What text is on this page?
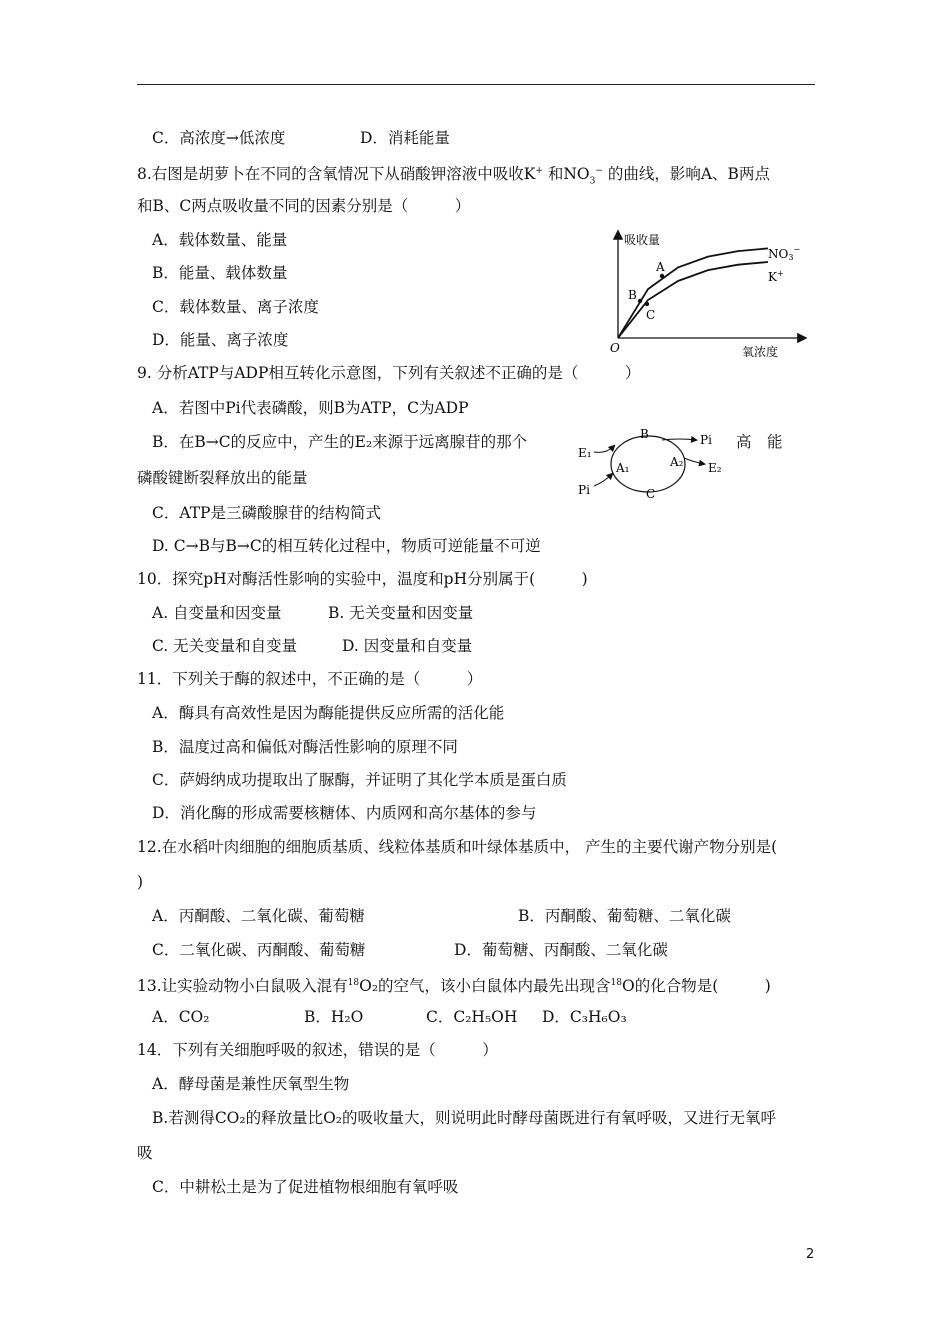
C．高浓度→低浓度	D．消耗能量
8.右图是胡萝卜在不同的含氧情况下从硝酸钾溶液中吸收K+ 和$NO_3^-$ 的曲线，影响A、B两点
和B、C两点吸收量不同的因素分别是（　　　）
A．载体数量、能量
B．能量、载体数量
C．载体数量、离子浓度
D．能量、离子浓度
吸收量
氧浓度
O
NO3−
K+
A
B
C
9. 分析ATP与ADP相互转化示意图，下列有关叙述不正确的是（　　　）
A．若图中Pi代表磷酸，则B为ATP，C为ADP
B．在B→C的反应中，产生的E₂来源于远离腺苷的那个	高　能
磷酸键断裂释放出的能量
C．ATP是三磷酸腺苷的结构简式
D. C→B与B→C的相互转化过程中，物质可逆能量不可逆
B
C
E₁
Pi
A₁	A₂
Pi
E₂
10．探究pH对酶活性影响的实验中，温度和pH分别属于(　　　)
A. 自变量和因变量	B. 无关变量和因变量
C. 无关变量和自变量	D. 因变量和自变量
11．下列关于酶的叙述中，不正确的是（　　　）
A．酶具有高效性是因为酶能提供反应所需的活化能
B．温度过高和偏低对酶活性影响的原理不同
C．萨姆纳成功提取出了脲酶，并证明了其化学本质是蛋白质
D．消化酶的形成需要核糖体、内质网和高尔基体的参与
12.在水稻叶肉细胞的细胞质基质、线粒体基质和叶绿体基质中， 产生的主要代谢产物分别是(
)
A．丙酮酸、二氧化碳、葡萄糖	B．丙酮酸、葡萄糖、二氧化碳
C．二氧化碳、丙酮酸、葡萄糖	D．葡萄糖、丙酮酸、二氧化碳
13.让实验动物小白鼠吸入混有$^{18}$O₂的空气，该小白鼠体内最先出现含$^{18}$O的化合物是(　　　)
A．CO₂	B．H₂O	C．C₂H₅OH D．C₃H₆O₃
14．下列有关细胞呼吸的叙述，错误的是（　　　）
A．酵母菌是兼性厌氧型生物
B.若测得CO₂的释放量比O₂的吸收量大，则说明此时酵母菌既进行有氧呼吸，又进行无氧呼
吸
C．中耕松土是为了促进植物根细胞有氧呼吸
2
